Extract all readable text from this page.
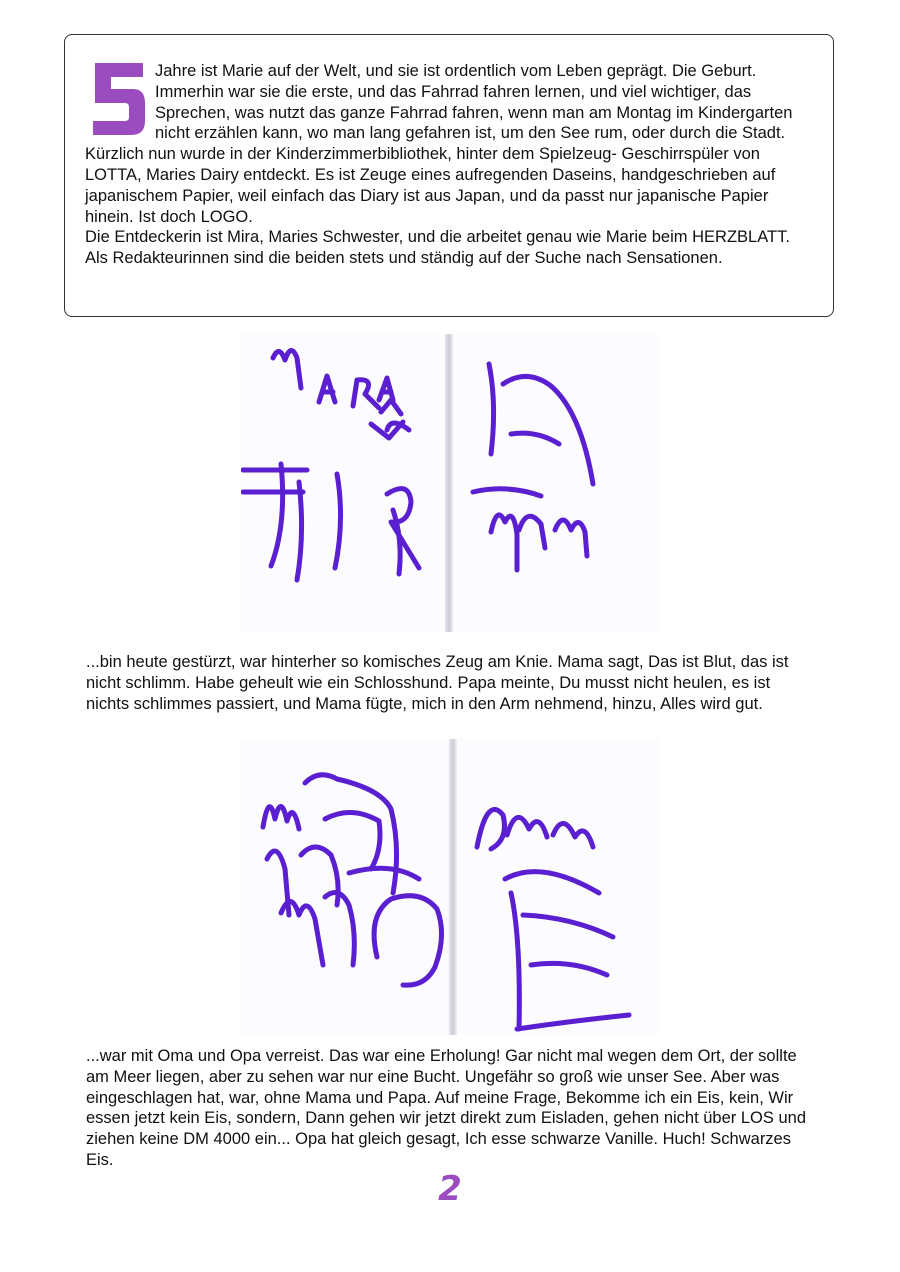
Jahre ist Marie auf der Welt, und sie ist ordentlich vom Leben geprägt. Die Geburt. Immerhin war sie die erste, und das Fahrrad fahren lernen, und viel wichtiger, das Sprechen, was nutzt das ganze Fahrrad fahren, wenn man am Montag im Kindergarten nicht erzählen kann, wo man lang gefahren ist, um den See rum, oder durch die Stadt.

Kürzlich nun wurde in der Kinderzimmerbibliothek, hinter dem Spielzeug- Geschirrspüler von LOTTA, Maries Dairy entdeckt. Es ist Zeuge eines aufregenden Daseins, handgeschrieben auf japanischem Papier, weil einfach das Diary ist aus Japan, und da passt nur japanische Papier hinein. Ist doch LOGO.

Die Entdeckerin ist Mira, Maries Schwester, und die arbeitet genau wie Marie beim HERZBLATT. Als Redakteurinnen sind die beiden stets und ständig auf der Suche nach Sensationen.

...bin heute gestürzt, war hinterher so komisches Zeug am Knie. Mama sagt, Das ist Blut, das ist nicht schlimm. Habe geheult wie ein Schlosshund. Papa meinte, Du musst nicht heulen, es ist nichts schlimmes passiert, und Mama fügte, mich in den Arm nehmend, hinzu, Alles wird gut.

...war mit Oma und Opa verreist. Das war eine Erholung! Gar nicht mal wegen dem Ort, der sollte am Meer liegen, aber zu sehen war nur eine Bucht. Ungefähr so groß wie unser See. Aber was eingeschlagen hat, war, ohne Mama und Papa. Auf meine Frage, Bekomme ich ein Eis, kein, Wir essen jetzt kein Eis, sondern, Dann gehen wir jetzt direkt zum Eisladen, gehen nicht über LOS und ziehen keine DM 4000 ein... Opa hat gleich gesagt, Ich esse schwarze Vanille. Huch! Schwarzes Eis.

2
